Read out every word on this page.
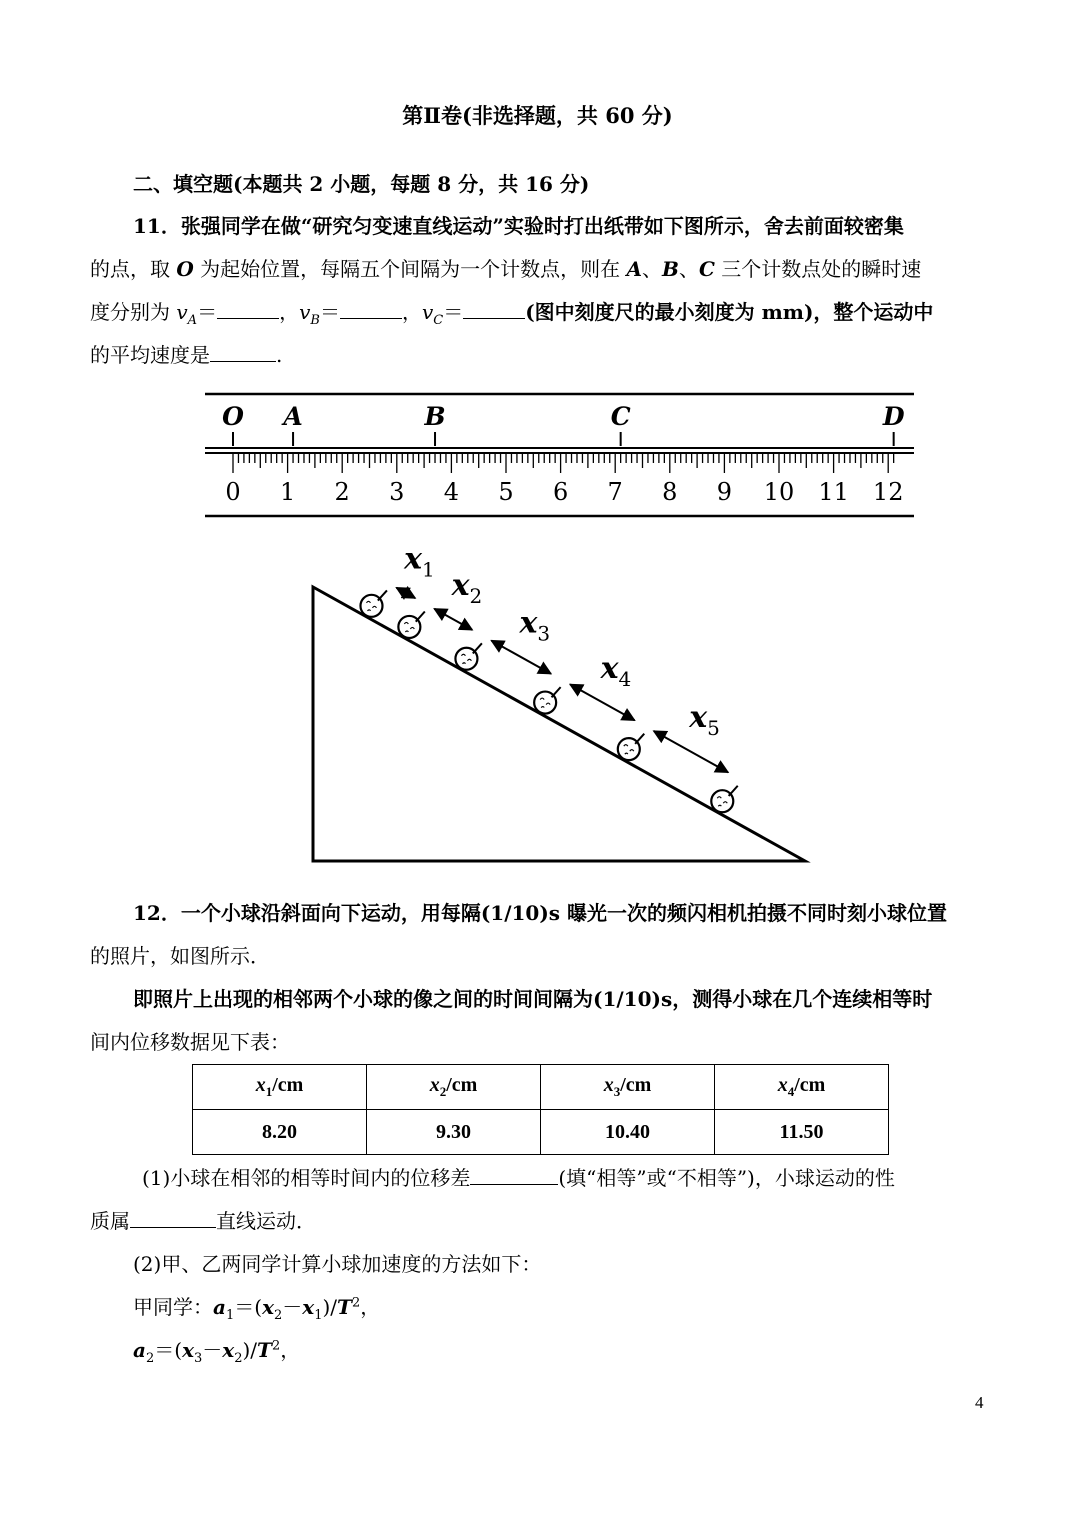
第Ⅱ卷(非选择题，共 60 分)
二、填空题(本题共 2 小题，每题 8 分，共 16 分)
11．张强同学在做“研究匀变速直线运动”实验时打出纸带如下图所示，舍去前面较密集
的点，取 O 为起始位置，每隔五个间隔为一个计数点，则在 A、B、C 三个计数点处的瞬时速
度分别为 $v_A=$	，$v_B=$	，$v_C=$	(图中刻度尺的最小刻度为 mm)，整个运动中
的平均速度是	.
0 1 2 3 4 5 6 7 8 9 10 11 12
O A	B	C	D
$x_1$ $x_2$
$x_3$
$x_4$
$x_5$
12．一个小球沿斜面向下运动，用每隔(1/10)s 曝光一次的频闪相机拍摄不同时刻小球位置
的照片，如图所示．
即照片上出现的相邻两个小球的像之间的时间间隔为(1/10)s，测得小球在几个连续相等时
间内位移数据见下表：
$x_1/cm$	$x_2/cm$	$x_3/cm$	$x_4/cm$
8.20	9.30	10.40	11.50
(1)小球在相邻的相等时间内的位移差	(填“相等”或“不相等”)，小球运动的性
质属	直线运动．
(2)甲、乙两同学计算小球加速度的方法如下：
甲同学：$a_1=(x_2-x_1)/T^2$，
$a_2=(x_3-x_2)/T^2$，
4
